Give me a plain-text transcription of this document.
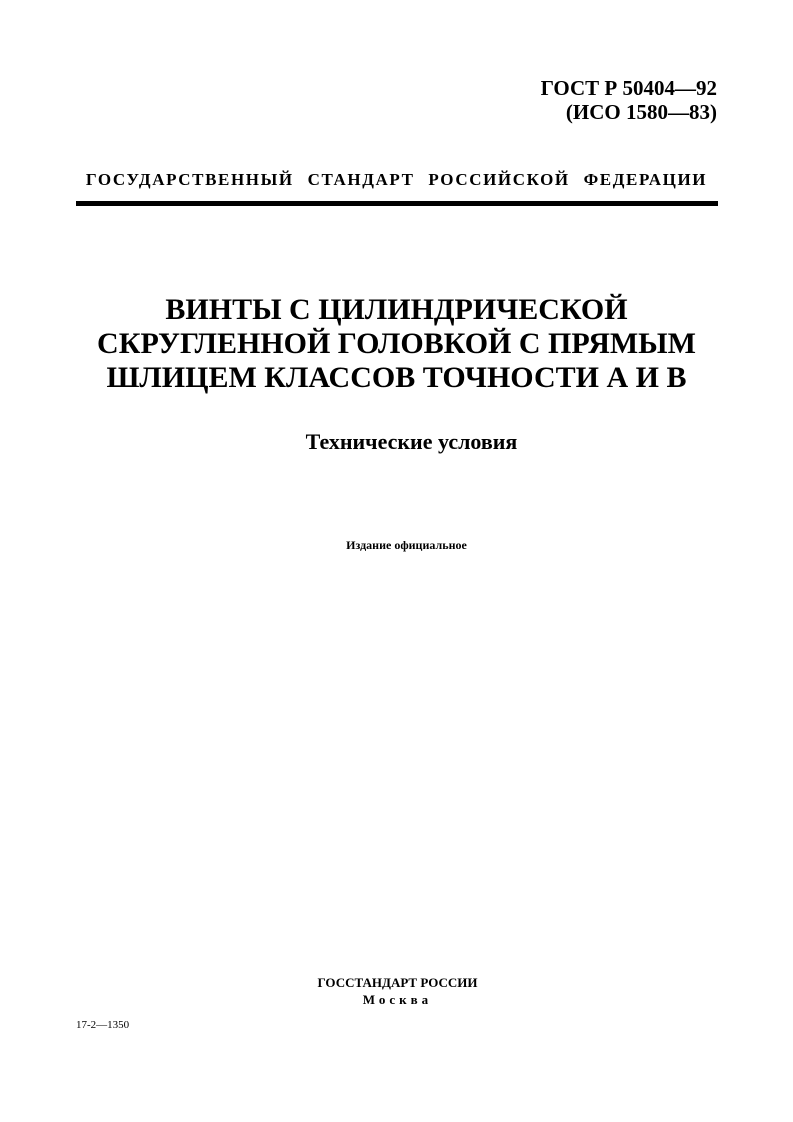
ГОСТ Р 50404—92
(ИСО 1580—83)
ГОСУДАРСТВЕННЫЙ СТАНДАРТ РОССИЙСКОЙ ФЕДЕРАЦИИ
ВИНТЫ С ЦИЛИНДРИЧЕСКОЙ
СКРУГЛЕННОЙ ГОЛОВКОЙ С ПРЯМЫМ
ШЛИЦЕМ КЛАССОВ ТОЧНОСТИ А И В
Технические условия
Издание официальное
ГОССТАНДАРТ РОССИИ
Москва
17-2—1350
